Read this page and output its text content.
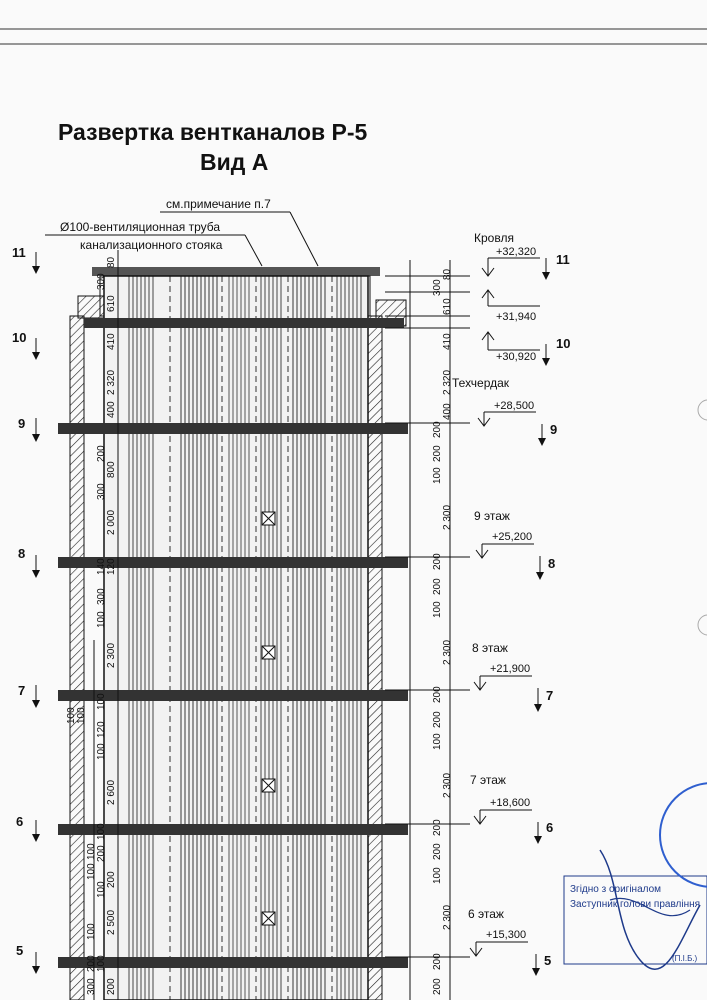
Развертка вентканалов Р-5
Вид А
см.примечание п.7
Ø100-вентиляционная труба
канализационного стояка
80
300
610
410
2 320
400
200
800
300
2 000
140 120
300
100
2 300
100
120
100
2 600
100
200
200
100
2 500
100
200
100 100
100
100
200
300
100
80
300
610
410
2 320
400
200
200
100
2 300
200
200
100
2 300
200
200
100
2 300
200
200
100
2 300
200
200
11
10
9
8
7
6
5
11
10
9
8
7
6
5
Кровля
+32,320
+31,940
+30,920
Техчердак
+28,500
9 этаж
+25,200
8 этаж
+21,900
7 этаж
+18,600
6 этаж
+15,300
Згідно з оригіналом
Заступник голови правління
(П.І.Б.)
